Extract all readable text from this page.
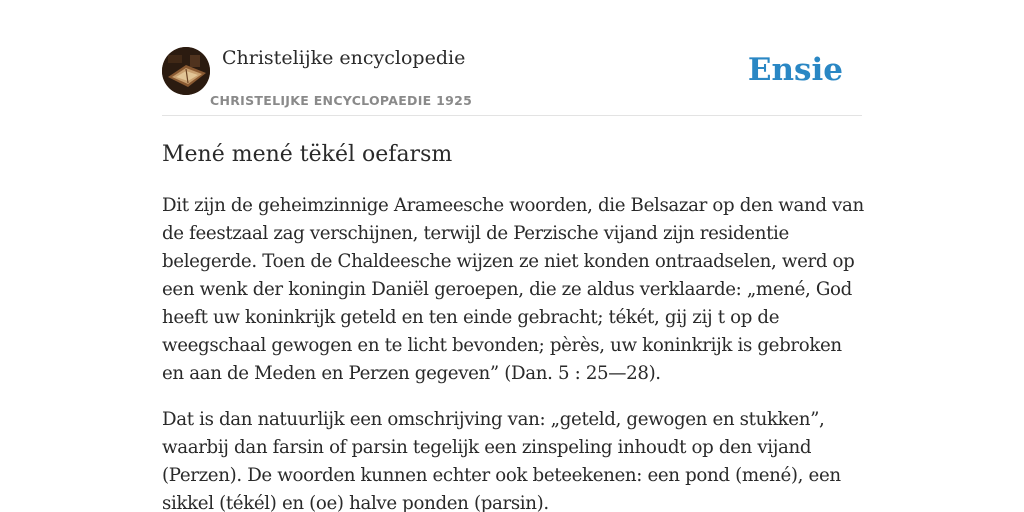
Christelijke encyclopedie
CHRISTELIJKE ENCYCLOPAEDIE 1925
Ensie
Mené mené tëkél oefarsm

Dit zijn de geheimzinnige Arameesche woorden, die Belsazar op den wand van de feestzaal zag verschijnen, terwijl de Perzische vijand zijn residentie belegerde. Toen de Chaldeesche wijzen ze niet konden ontraadselen, werd op een wenk der koningin Daniël geroepen, die ze aldus verklaarde: „mené, God heeft uw koninkrijk geteld en ten einde gebracht; tékét, gij zij t op de weegschaal gewogen en te licht bevonden; pèrès, uw koninkrijk is gebroken en aan de Meden en Perzen gegeven” (Dan. 5 : 25—28).

Dat is dan natuurlijk een omschrijving van: „geteld, gewogen en stukken”, waarbij dan farsin of parsin tegelijk een zinspeling inhoudt op den vijand (Perzen). De woorden kunnen echter ook beteekenen: een pond (mené), een sikkel (tékél) en (oe) halve ponden (parsin).
